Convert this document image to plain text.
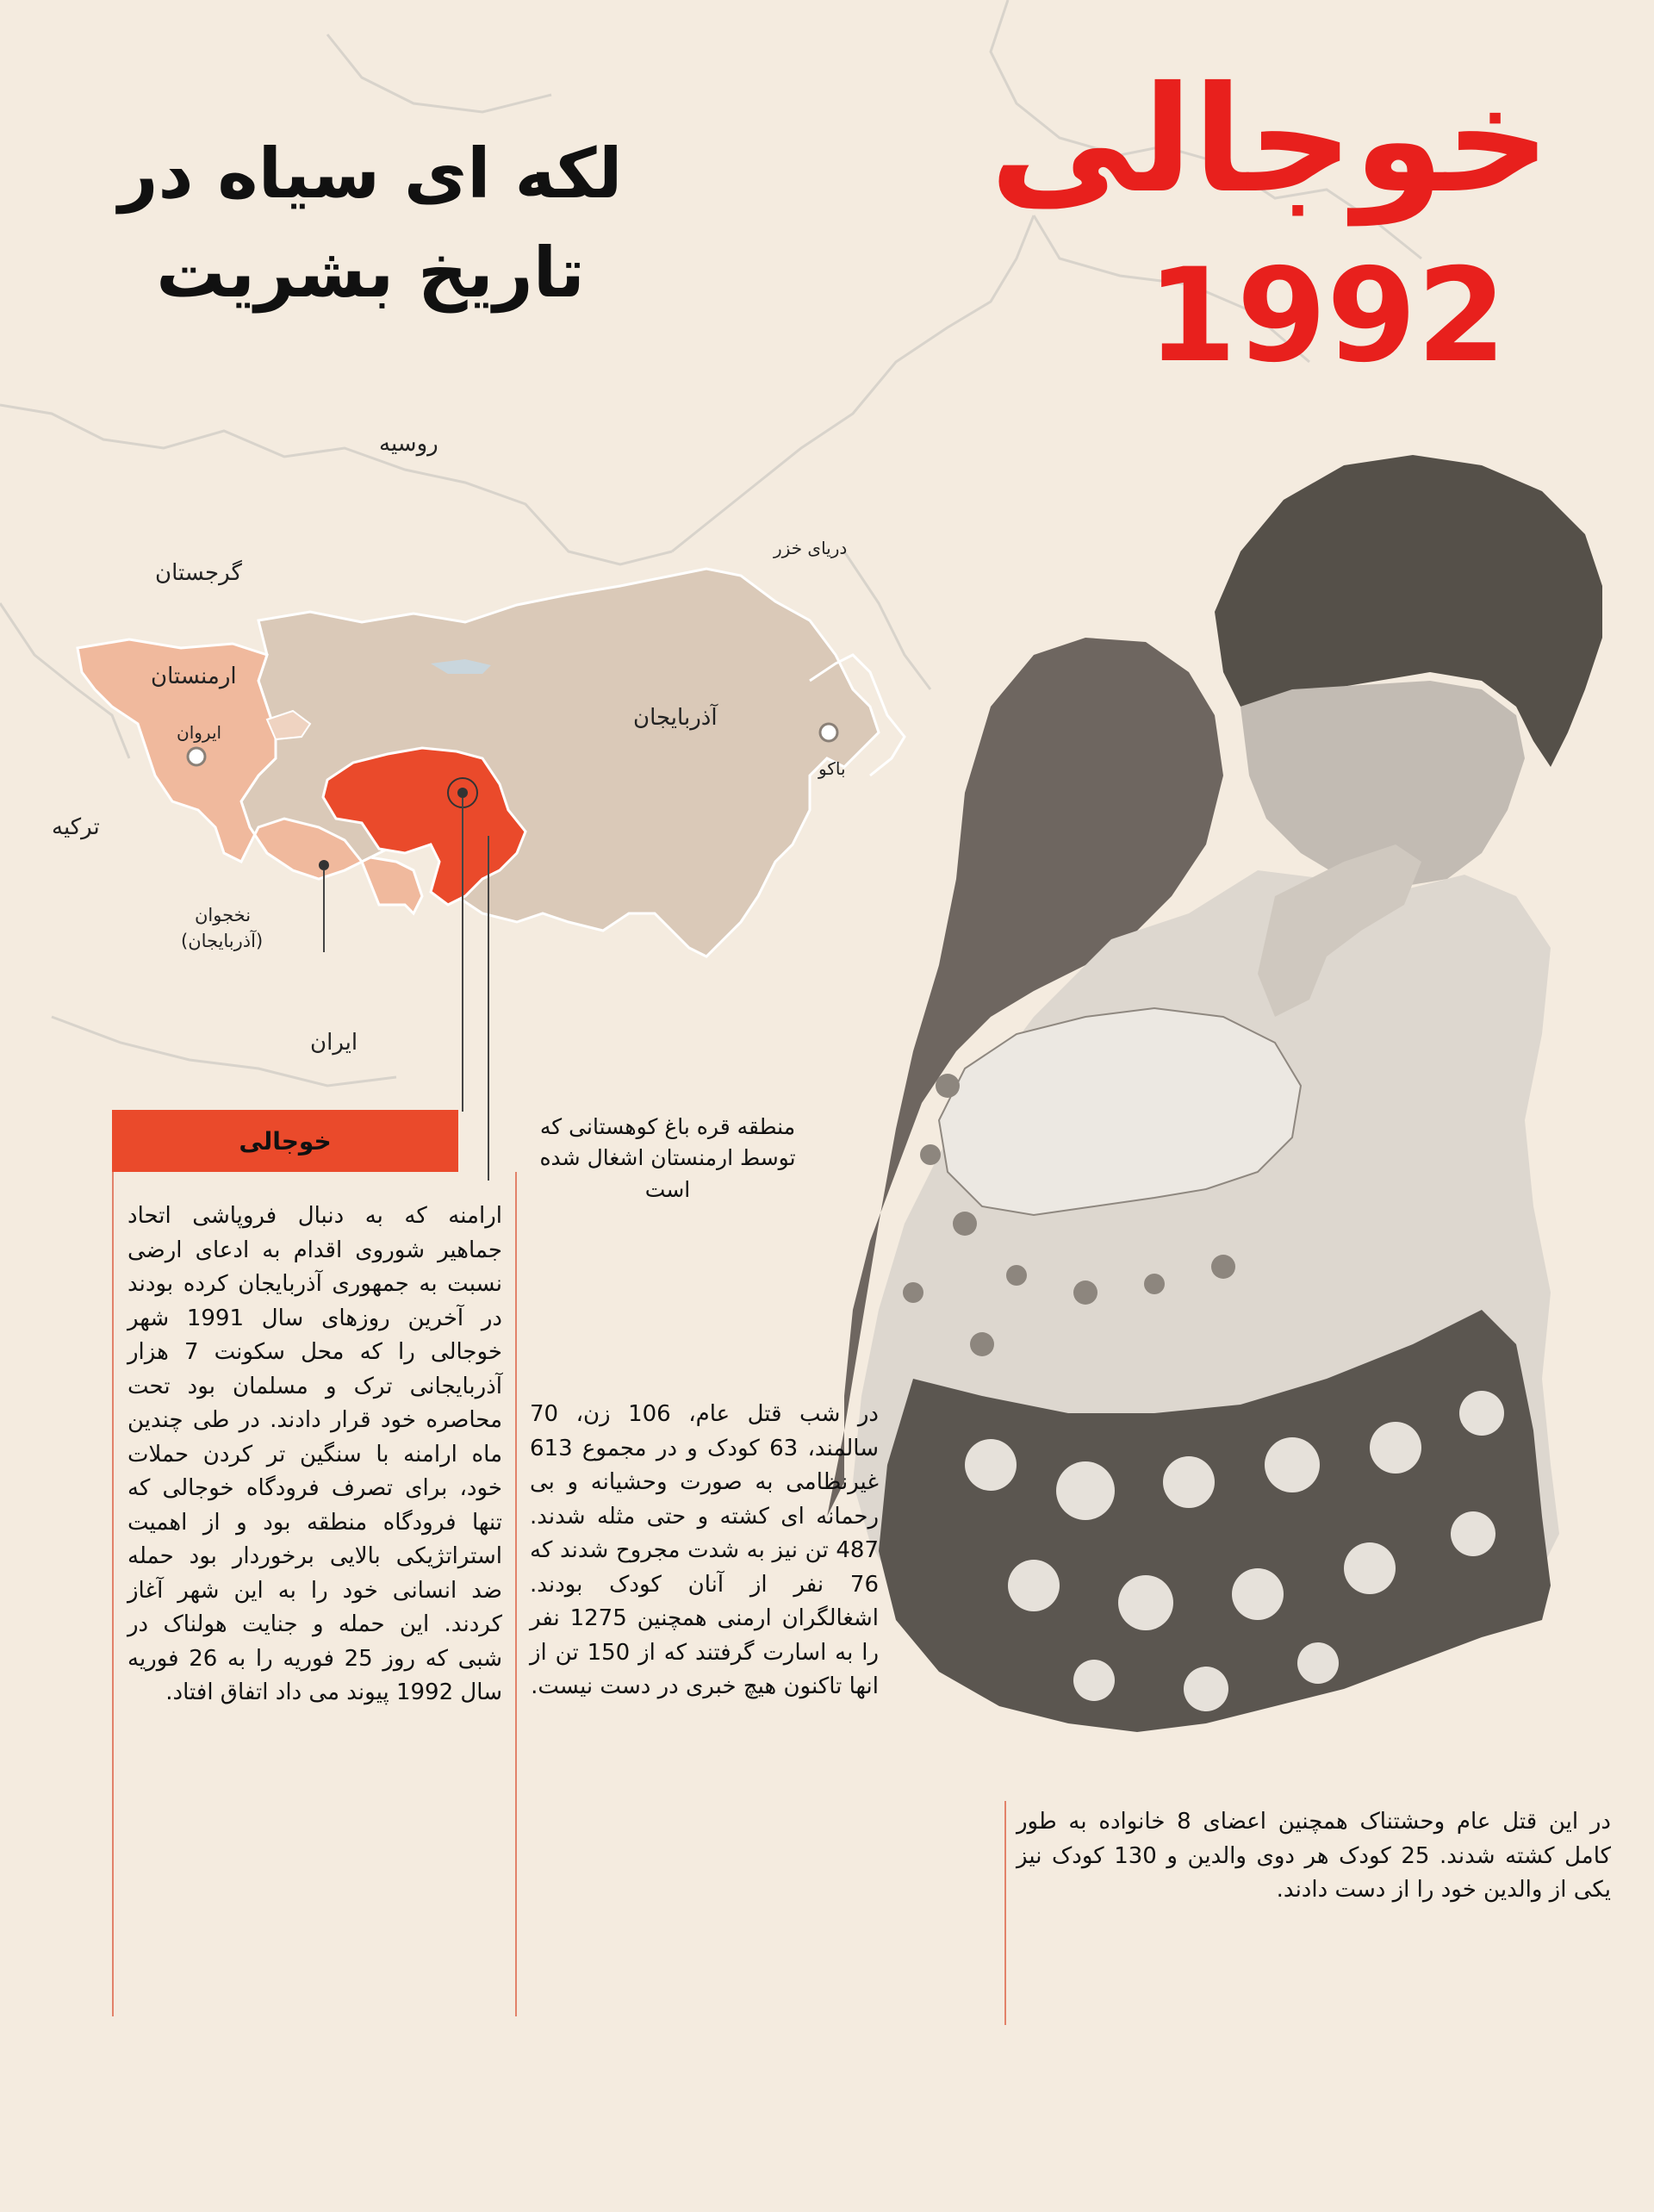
خوجالی
1992
لکه ای سیاه در
تاریخ بشریت
روسیه
گرجستان
ارمنستان
ایروان
ترکیه
نخجوان
(آذربایجان)
ایران
آذربایجان
باکو
دریای خزر
خوجالی	منطقه قره باغ کوهستانی که
توسط ارمنستان اشغال شده
است
ارامنه که به دنبال فروپاشی اتحاد جماهیر شوروی اقدام به ادعای ارضی نسبت به جمهوری آذربایجان کرده بودند در آخرین روزهای سال 1991 شهر خوجالی را که محل سکونت 7 هزار آذربایجانی ترک و مسلمان بود تحت محاصره خود قرار دادند. در طی چندین ماه ارامنه با سنگین تر کردن حملات خود، برای تصرف فرودگاه خوجالی که تنها فرودگاه منطقه بود و از اهمیت استراتژیکی بالایی برخوردار بود حمله ضد انسانی خود را به این شهر آغاز کردند. این حمله و جنایت هولناک در شبی که روز 25 فوریه را به 26 فوریه سال 1992 پیوند می داد اتفاق افتاد.
در شب قتل عام، 106 زن، 70 سالمند، 63 کودک و در مجموع 613 غیرنظامی به صورت وحشیانه و بی رحمانه ای کشته و حتی مثله شدند. 487 تن نیز به شدت مجروح شدند که 76 نفر از آنان کودک بودند. اشغالگران ارمنی همچنین 1275 نفر را به اسارت گرفتند که از 150 تن از انها تاکنون هیچ خبری در دست نیست.
در این قتل عام وحشتناک همچنین اعضای 8 خانواده به طور کامل کشته شدند. 25 کودک هر دوی والدین و 130 کودک نیز یکی از والدین خود را از دست دادند.
